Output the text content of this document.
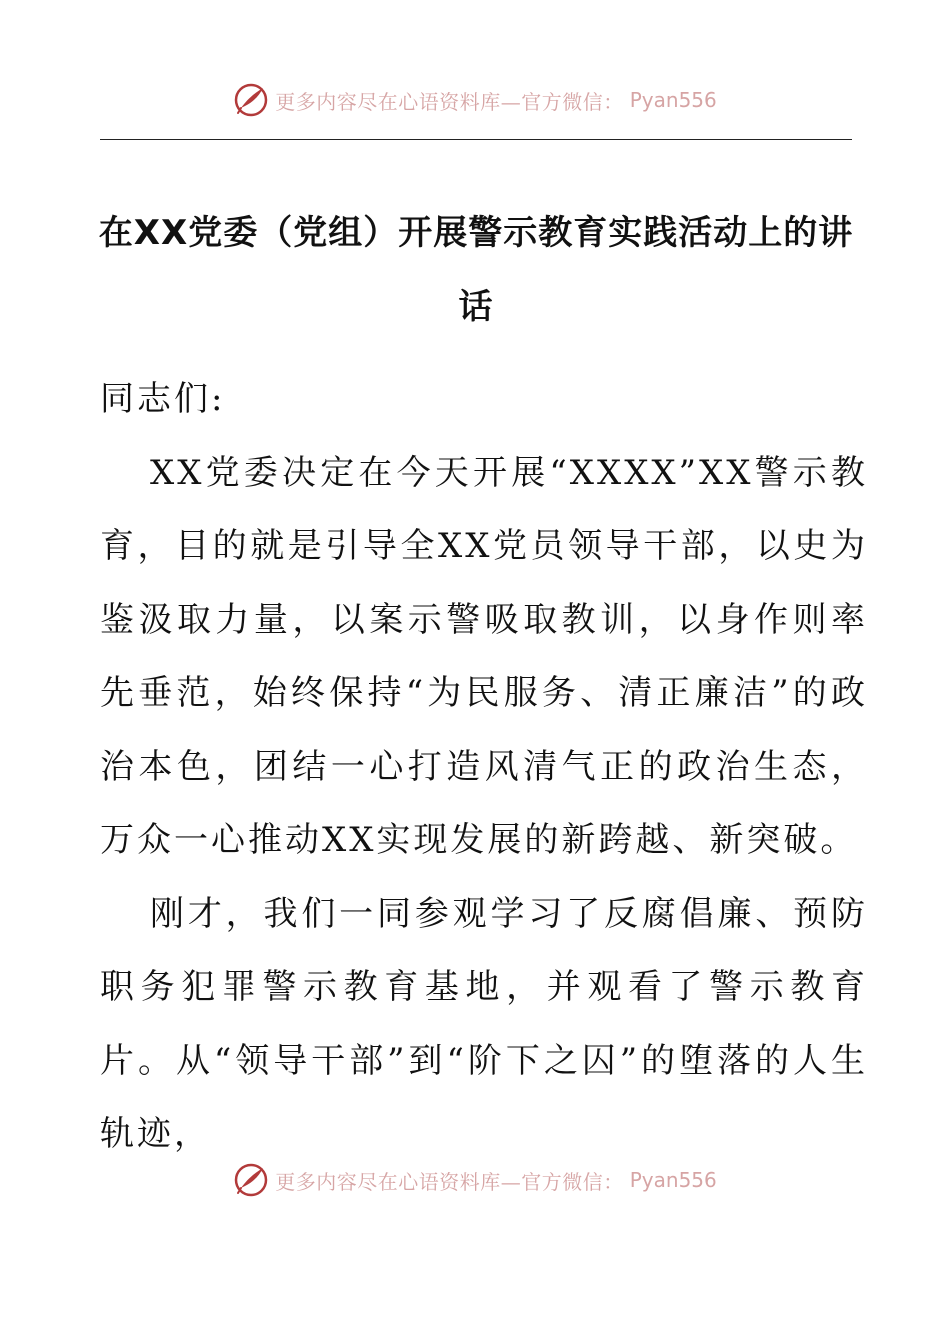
更多内容尽在心语资料库—官方微信： Pyan556
在XX党委（党组）开展警示教育实践活动上的讲话

同志们:

XX党委决定在今天开展“XXXX”XX警示教育，目的就是引导全XX党员领导干部，以史为鉴汲取力量，以案示警吸取教训，以身作则率先垂范，始终保持“为民服务、清正廉洁”的政治本色，团结一心打造风清气正的政治生态，万众一心推动XX实现发展的新跨越、新突破。

刚才，我们一同参观学习了反腐倡廉、预防职务犯罪警示教育基地，并观看了警示教育片。从“领导干部”到“阶下之囚”的堕落的人生轨迹，

更多内容尽在心语资料库—官方微信： Pyan556
